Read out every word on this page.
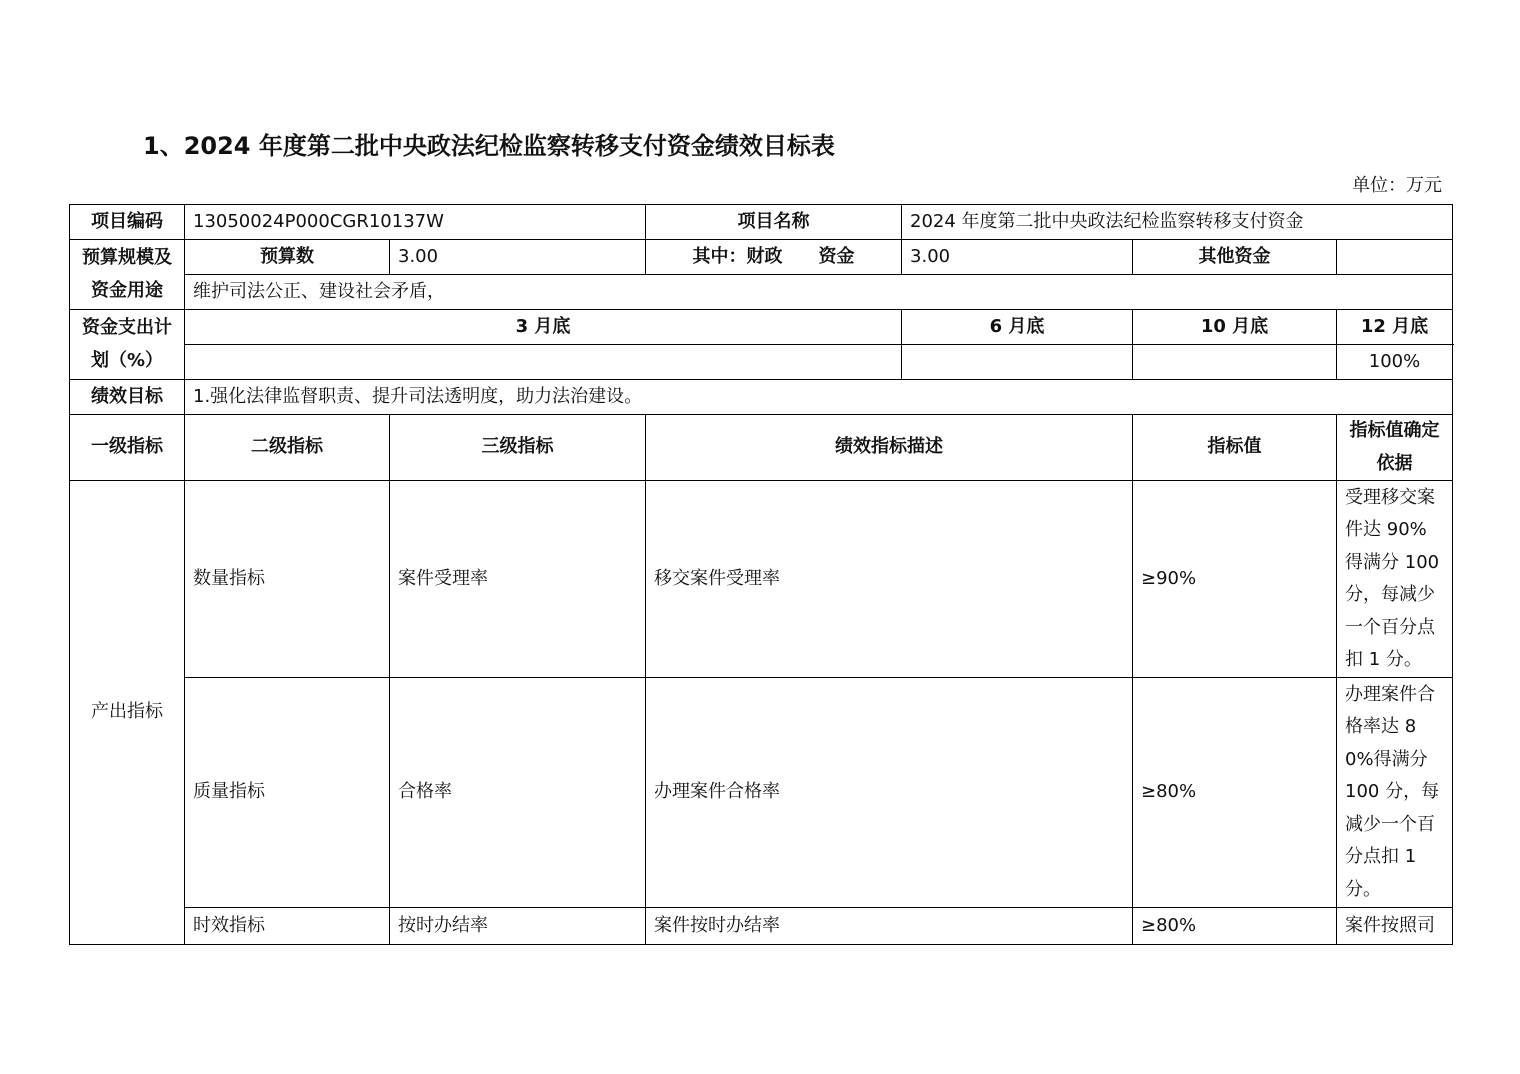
1、2024 年度第二批中央政法纪检监察转移支付资金绩效目标表
单位：万元
项目编码	13050024P000CGR10137W		项目名称	2024 年度第二批中央政法纪检监察转移支付资金		
预算规模及资金用途	预算数	3.00	其中：财政　　资金	3.00	其他资金	
	维护司法公正、建设社会矛盾，					
资金支出计划（%）	3 月底			6 月底	10 月底	12 月底
						100%
绩效目标	1.强化法律监督职责、提升司法透明度，助力法治建设。					
一级指标	二级指标	三级指标	绩效指标描述		指标值	指标值确定依据
产出指标	数量指标	案件受理率	移交案件受理率		≥90%	受理移交案件达 90%得满分 100 分，每减少一个百分点扣 1 分。
	质量指标	合格率	办理案件合格率		≥80%	办理案件合格率达 80%得满分 100 分，每减少一个百分点扣 1 分。
	时效指标	按时办结率	案件按时办结率		≥80%	案件按照司
